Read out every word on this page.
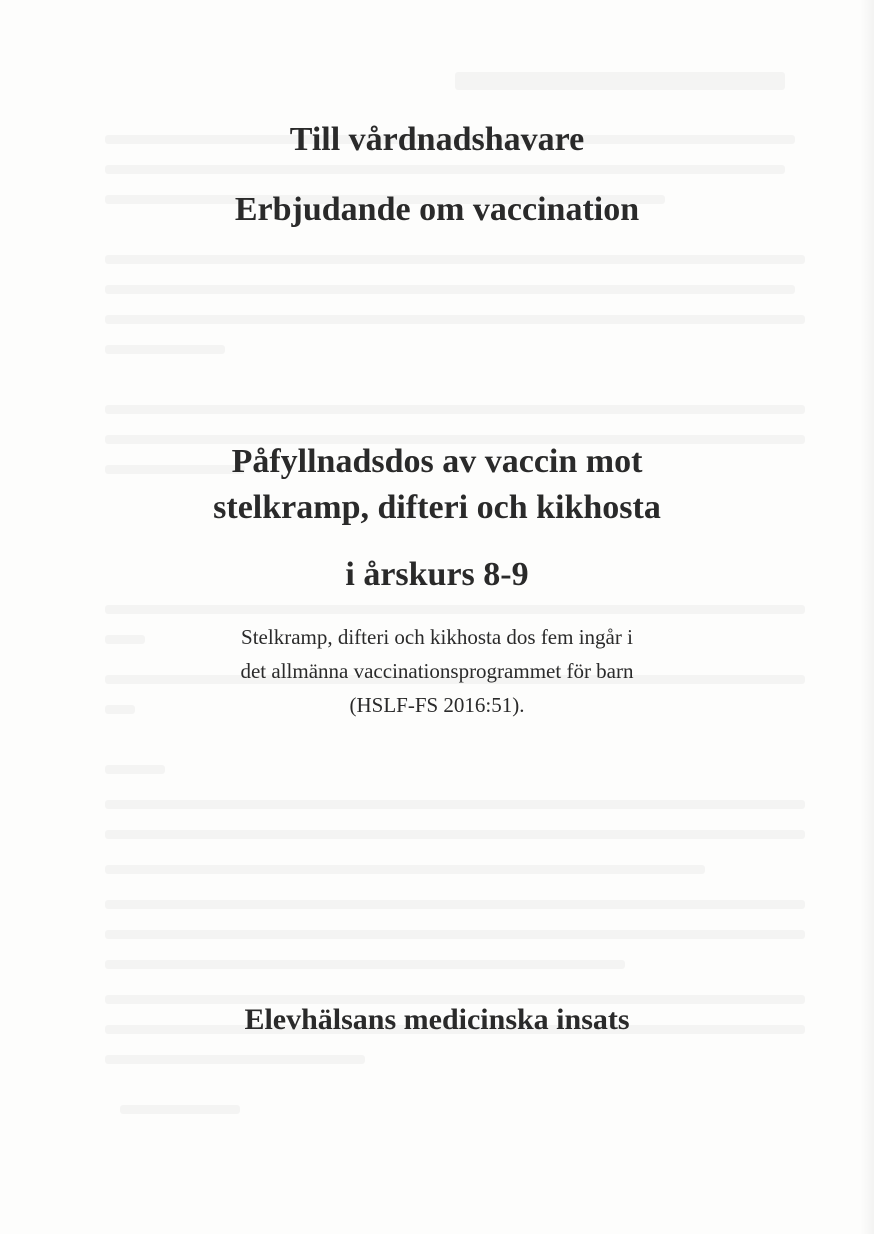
Till vårdnadshavare
Erbjudande om vaccination
Påfyllnadsdos av vaccin mot
stelkramp, difteri och kikhosta
i årskurs 8-9
Stelkramp, difteri och kikhosta dos fem ingår i
det allmänna vaccinationsprogrammet för barn
(HSLF-FS 2016:51).
Elevhälsans medicinska insats
